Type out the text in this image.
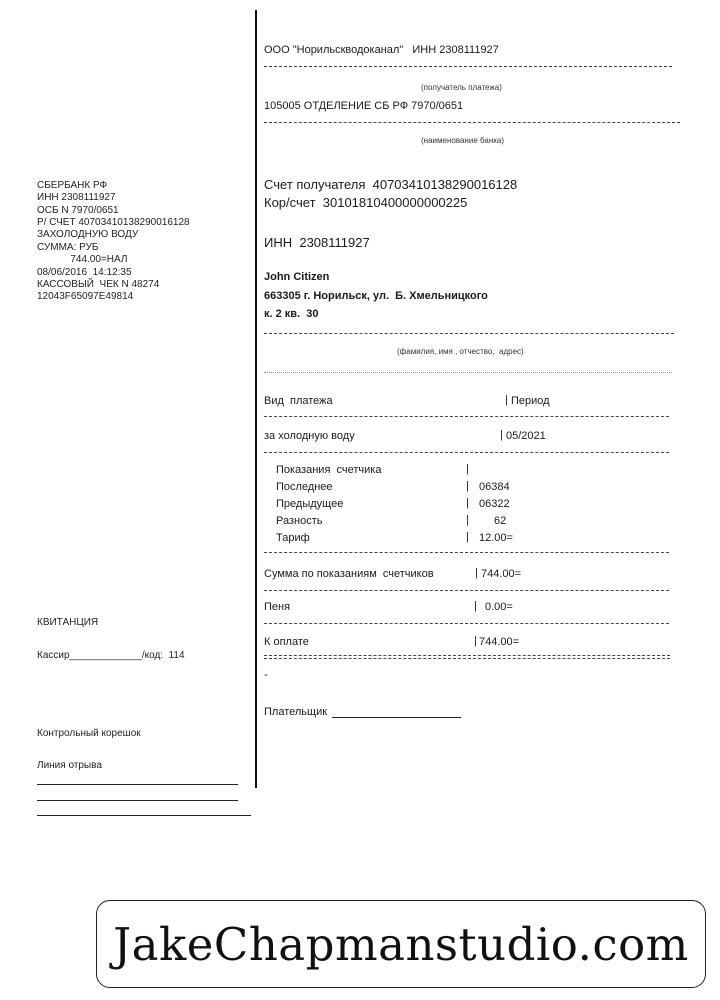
СБЕРБАНК РФ
ИНН 2308111927
ОСБ N 7970/0651
Р/ СЧЕТ 40703410138290016128
ЗАХОЛОДНУЮ ВОДУ
СУММА: РУБ
744.00=НАЛ
08/06/2016  14:12:35
КАССОВЫЙ  ЧЕК N 48274
12043F65097E49814
КВИТАНЦИЯ
Кассир_____________/код:  114
Контрольный корешок
Линия отрыва
ООО "Норильскводоканал"   ИНН 2308111927
(получатель платежа)
105005 ОТДЕЛЕНИЕ СБ РФ 7970/0651
(наименование банка)
Счет получателя  40703410138290016128
Кор/счет  30101810400000000225
ИНН  2308111927
John Citizen
663305 г. Норильск, ул.  Б. Хмельницкого
к. 2 кв.  30
(фамилия, имя , отчество,  адрес)
Вид  платежа	| Период
за холодную воду	| 05/2021
Показания  счетчика	|
Последнее	| 06384
Предыдущее	| 06322
Разность	| 62
Тариф	| 12.00=
Сумма по показаниям  счетчиков	| 744.00=
Пеня	| 0.00=
К оплате	| 744.00=
-
Плательщик
JakeChapmanstudio.com
